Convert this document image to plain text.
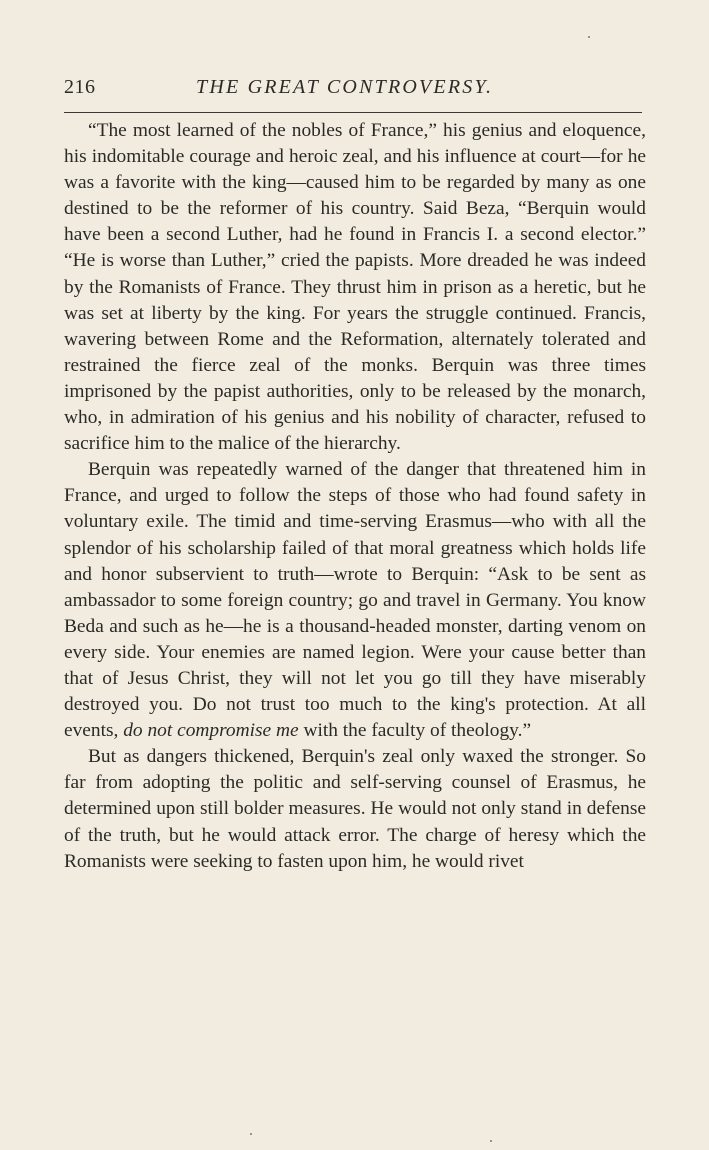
216	THE GREAT CONTROVERSY.

“The most learned of the nobles of France,” his genius and eloquence, his indomitable courage and heroic zeal, and his influence at court—for he was a favorite with the king—caused him to be regarded by many as one destined to be the reformer of his country. Said Beza, “Berquin would have been a second Luther, had he found in Francis I. a second elector.” “He is worse than Luther,” cried the papists. More dreaded he was indeed by the Romanists of France. They thrust him in prison as a heretic, but he was set at liberty by the king. For years the struggle continued. Francis, wavering between Rome and the Reformation, alternately tolerated and restrained the fierce zeal of the monks. Berquin was three times imprisoned by the papist authorities, only to be released by the monarch, who, in admiration of his genius and his nobility of character, refused to sacrifice him to the malice of the hierarchy.

Berquin was repeatedly warned of the danger that threatened him in France, and urged to follow the steps of those who had found safety in voluntary exile. The timid and time-serving Erasmus—who with all the splendor of his scholarship failed of that moral greatness which holds life and honor subservient to truth—wrote to Berquin: “Ask to be sent as ambassador to some foreign country; go and travel in Germany. You know Beda and such as he—he is a thousand-headed monster, darting venom on every side. Your enemies are named legion. Were your cause better than that of Jesus Christ, they will not let you go till they have miserably destroyed you. Do not trust too much to the king's protection. At all events, do not compromise me with the faculty of theology.”

But as dangers thickened, Berquin's zeal only waxed the stronger. So far from adopting the politic and self-serving counsel of Erasmus, he determined upon still bolder measures. He would not only stand in defense of the truth, but he would attack error. The charge of heresy which the Romanists were seeking to fasten upon him, he would rivet
